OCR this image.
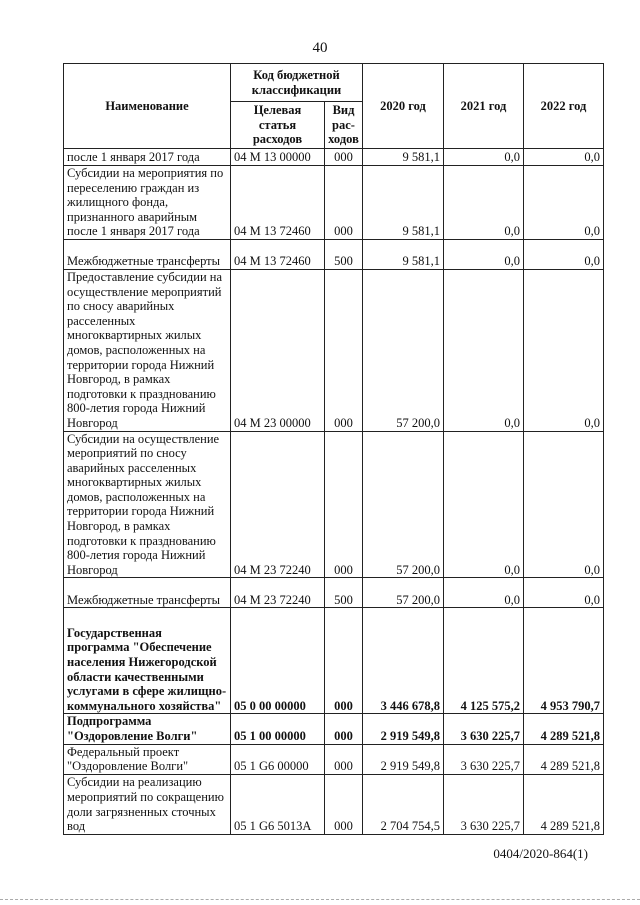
40
Наименование	Код бюджетной классификации		2020 год	2021 год	2022 год
	Целевая статья расходов	Вид рас-ходов			
после 1 января 2017 года	04 М 13 00000	000	9 581,1	0,0	0,0
Субсидии на мероприятия по переселению граждан из жилищного фонда, признанного аварийным после 1 января 2017 года	04 М 13 72460	000	9 581,1	0,0	0,0
Межбюджетные трансферты	04 М 13 72460	500	9 581,1	0,0	0,0
Предоставление субсидии на осуществление мероприятий по сносу аварийных расселенных многоквартирных жилых домов, расположенных на территории города Нижний Новгород, в рамках подготовки к празднованию 800-летия города Нижний Новгород	04 М 23 00000	000	57 200,0	0,0	0,0
Субсидии на осуществление мероприятий по сносу аварийных расселенных многоквартирных жилых домов, расположенных на территории города Нижний Новгород, в рамках подготовки к празднованию 800-летия города Нижний Новгород	04 М 23 72240	000	57 200,0	0,0	0,0
Межбюджетные трансферты	04 М 23 72240	500	57 200,0	0,0	0,0
Государственная программа "Обеспечение населения Нижегородской области качественными услугами в сфере жилищно-коммунального хозяйства"	05 0 00 00000	000	3 446 678,8	4 125 575,2	4 953 790,7
Подпрограмма "Оздоровление Волги"	05 1 00 00000	000	2 919 549,8	3 630 225,7	4 289 521,8
Федеральный проект "Оздоровление Волги"	05 1 G6 00000	000	2 919 549,8	3 630 225,7	4 289 521,8
Субсидии на реализацию мероприятий по сокращению доли загрязненных сточных вод	05 1 G6 5013А	000	2 704 754,5	3 630 225,7	4 289 521,8
0404/2020-864(1)
